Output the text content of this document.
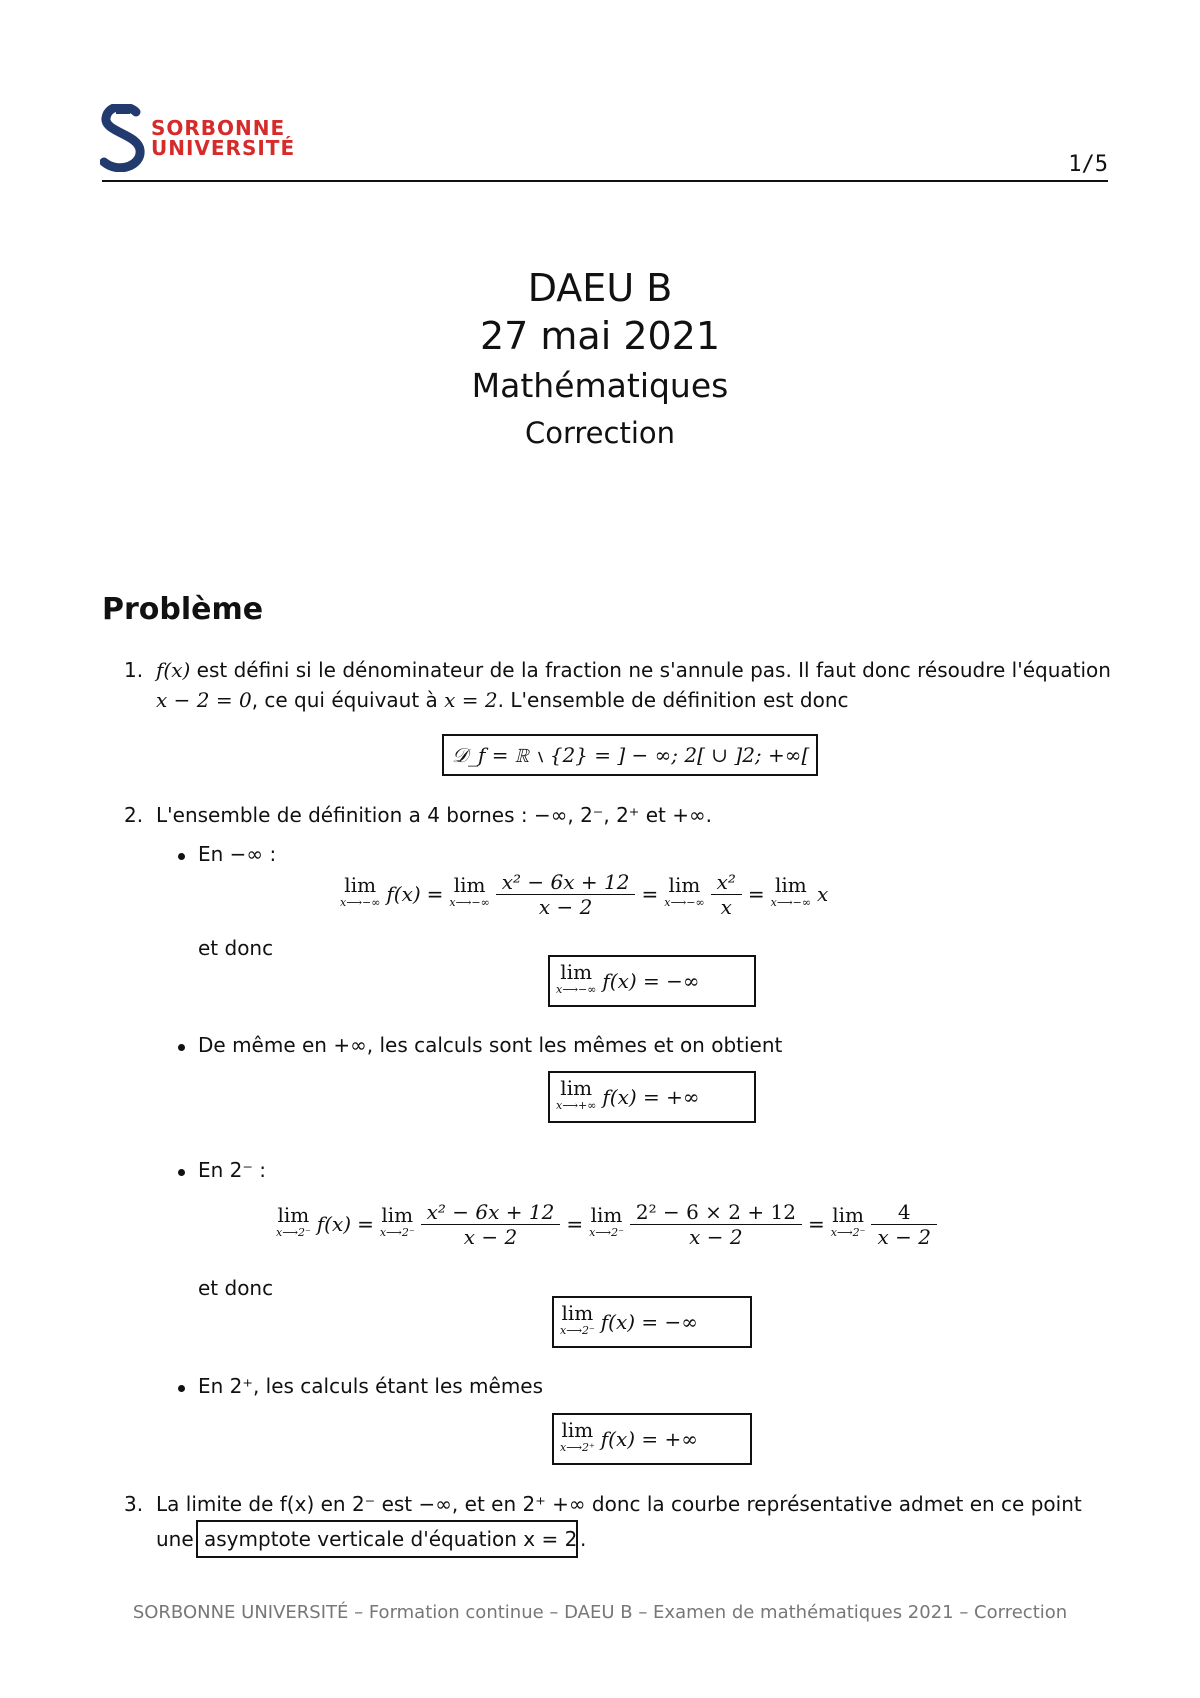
SORBONNE
UNIVERSITÉ
1/5
DAEU B
27 mai 2021
Mathématiques
Correction
Problème
1. f(x) est défini si le dénominateur de la fraction ne s'annule pas. Il faut donc résoudre l'équation
x − 2 = 0, ce qui équivaut à x = 2. L'ensemble de définition est donc
𝒟_f = ℝ ∖ {2} = ] − ∞; 2[ ∪ ]2; +∞[
2. L'ensemble de définition a 4 bornes : −∞, 2⁻, 2⁺ et +∞.
En −∞ :
lim
x⟶−∞ f(x) = lim
x⟶−∞ $\frac{\text{x² − 6x + 12}}{x - 2} = \lim$
x⟶−∞ $\frac{\text{x²}}{x} = \lim$
x⟶−∞ x
et donc
lim
x⟶−∞ f(x) = −∞
De même en +∞, les calculs sont les mêmes et on obtient
lim
x⟶+∞ f(x) = +∞
En 2⁻ :
lim
x⟶2⁻ f(x) = lim
x⟶2⁻ $\frac{\text{x² − 6x + 12}}{x - 2} = \lim$
x⟶2⁻ $\frac{\text{2² − 6 × 2 + 12}}{x - 2} = \lim$
x⟶2⁻ $\frac{4}{x - 2}$
et donc
lim
x⟶2⁻ f(x) = −∞
En 2⁺, les calculs étant les mêmes
lim
x⟶2⁺ f(x) = +∞
3. La limite de f(x) en 2⁻ est −∞, et en 2⁺ +∞ donc la courbe représentative admet en ce point
une asymptote verticale d'équation x = 2 .
SORBONNE UNIVERSITÉ – Formation continue – DAEU B – Examen de mathématiques 2021 – Correction
